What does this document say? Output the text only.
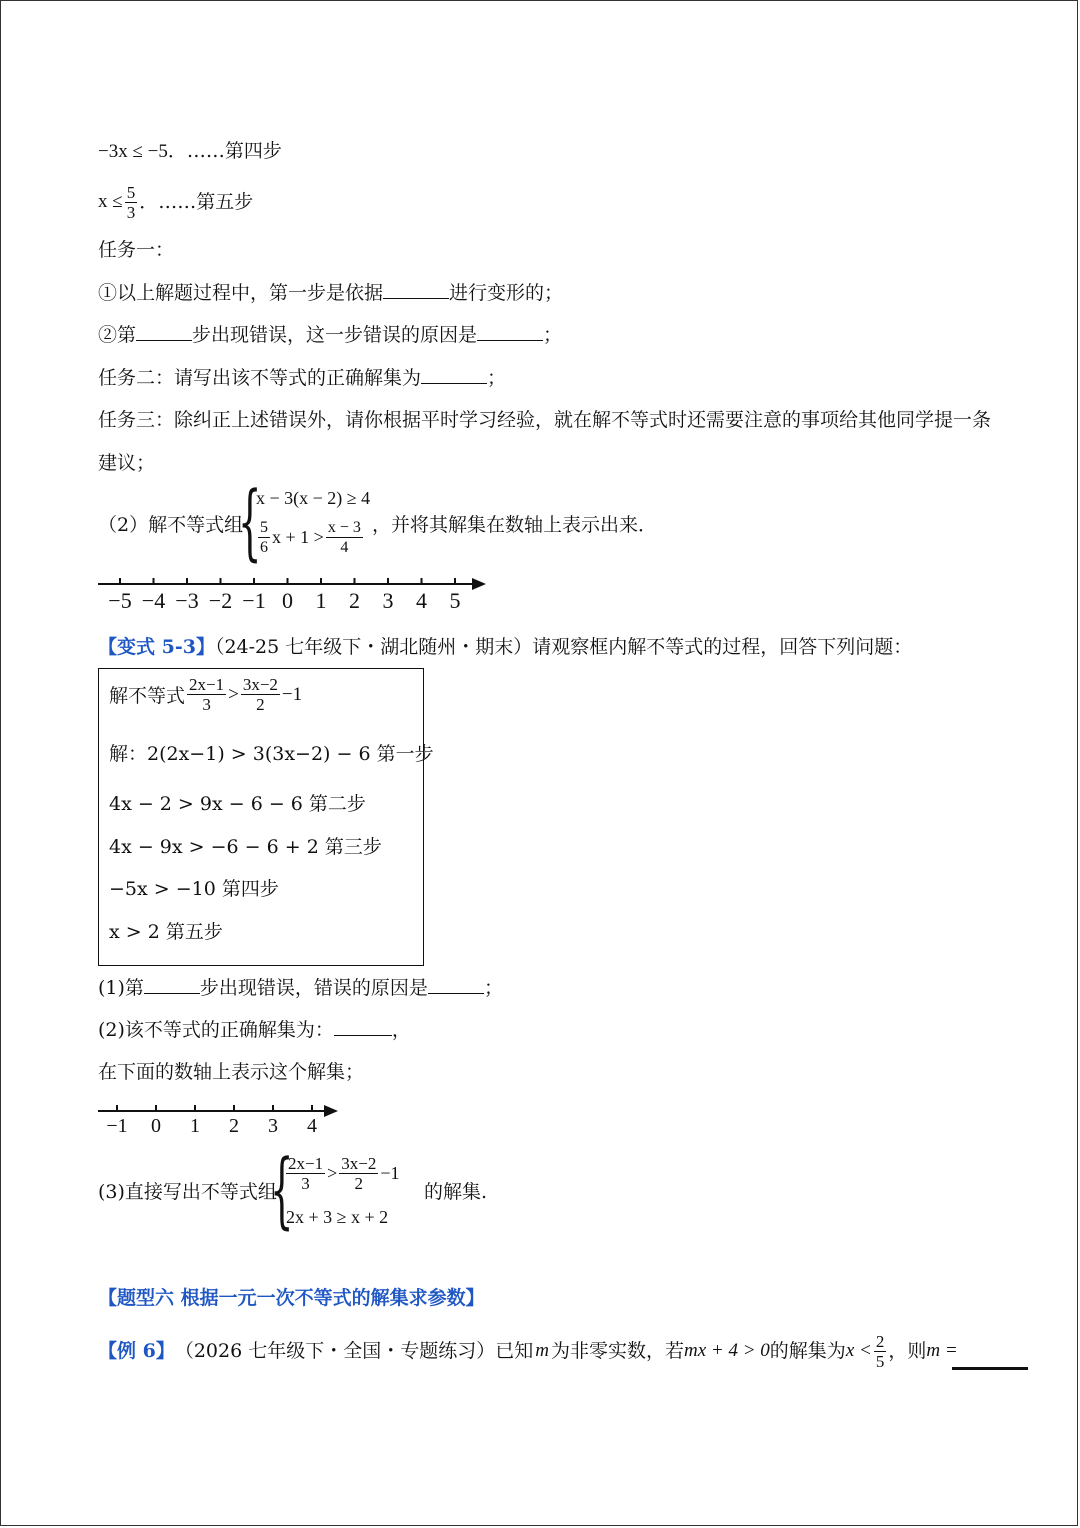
−3x ≤ −5．……第四步
$x \le \frac{5}{3}$ ．……第五步
任务一：
①以上解题过程中，第一步是依据	进行变形的；
②第	步出现错误，这一步错误的原因是	；
任务二：请写出该不等式的正确解集为	；
任务三：除纠正上述错误外，请你根据平时学习经验，就在解不等式时还需要注意的事项给其他同学提一条
建议；
（2）解不等式组
{
x − 3(x − 2) ≥ 4
$\frac{5}{6}$ $x + 1 > \frac{x - 3}{4}$ ，并将其解集在数轴上表示出来．
−5 −4 −3 −2 −1 0 1 2 3 4 5
【变式 5-3】（24-25 七年级下・湖北随州・期末）请观察框内解不等式的过程，回答下列问题：
解不等式 $\frac{2x-1}{3} > \frac{3x-2}{2} -1$
解：2(2x−1) > 3(3x−2) − 6 第一步
4x − 2 > 9x − 6 − 6 第二步
4x − 9x > −6 − 6 + 2 第三步
−5x > −10 第四步
x > 2 第五步
(1)第	步出现错误，错误的原因是	；
(2)该不等式的正确解集为：	，
在下面的数轴上表示这个解集；
−1 0 1 2 3 4
(3)直接写出不等式组
{
$\frac{2x-1}{3} > \frac{3x-2}{2} -1$
2x + 3 ≥ x + 2
的解集.
【题型六 根据一元一次不等式的解集求参数】
【例 6】 （2026 七年级下・全国・专题练习）已知 m 为非零实数，若 mx + 4 > 0 的解集为 $x < \frac{2}{5}$ ，则 m =
